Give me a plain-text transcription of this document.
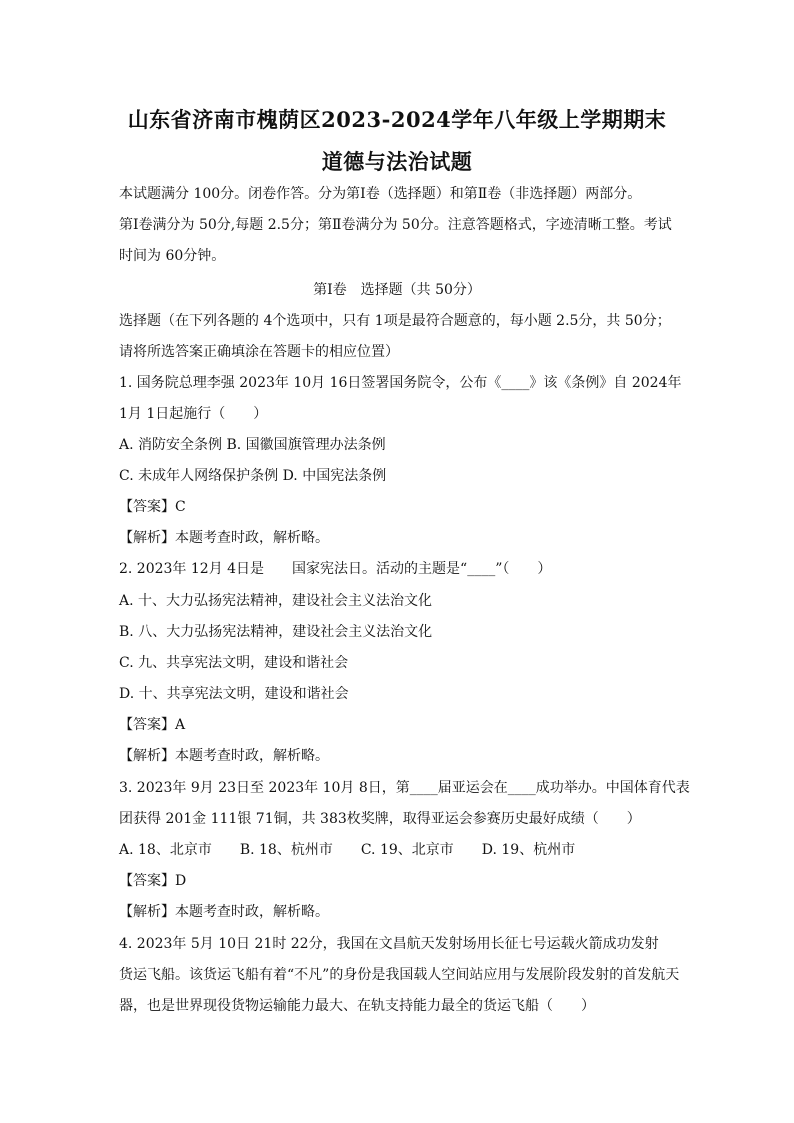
山东省济南市槐荫区2023-2024学年八年级上学期期末
道德与法治试题
本试题满分 100分。闭卷作答。分为第Ⅰ卷（选择题）和第Ⅱ卷（非选择题）两部分。
第Ⅰ卷满分为 50分,每题 2.5分；第Ⅱ卷满分为 50分。注意答题格式，字迹清晰工整。考试
时间为 60分钟。
第Ⅰ卷　选择题（共 50分）
选择题（在下列各题的 4个选项中，只有 1项是最符合题意的，每小题 2.5分，共 50分；
请将所选答案正确填涂在答题卡的相应位置）
1. 国务院总理李强 2023年 10月 16日签署国务院令，公布《____》该《条例》自 2024年
1月 1日起施行（　　）
A. 消防安全条例 B. 国徽国旗管理办法条例
C. 未成年人网络保护条例 D. 中国宪法条例
【答案】C
【解析】本题考查时政，解析略。
2. 2023年 12月 4日是　　国家宪法日。活动的主题是“____”（　　）
A. 十、大力弘扬宪法精神，建设社会主义法治文化
B. 八、大力弘扬宪法精神，建设社会主义法治文化
C. 九、共享宪法文明，建设和谐社会
D. 十、共享宪法文明，建设和谐社会
【答案】A
【解析】本题考查时政，解析略。
3. 2023年 9月 23日至 2023年 10月 8日，第____届亚运会在____成功举办。中国体育代表
团获得 201金 111银 71铜，共 383枚奖牌，取得亚运会参赛历史最好成绩（　　）
A. 18、北京市　　B. 18、杭州市　　C. 19、北京市　　D. 19、杭州市
【答案】D
【解析】本题考查时政，解析略。
4. 2023年 5月 10日 21时 22分，我国在文昌航天发射场用长征七号运载火箭成功发射
货运飞船。该货运飞船有着“不凡”的身份是我国载人空间站应用与发展阶段发射的首发航天
器，也是世界现役货物运输能力最大、在轨支持能力最全的货运飞船（　　）
